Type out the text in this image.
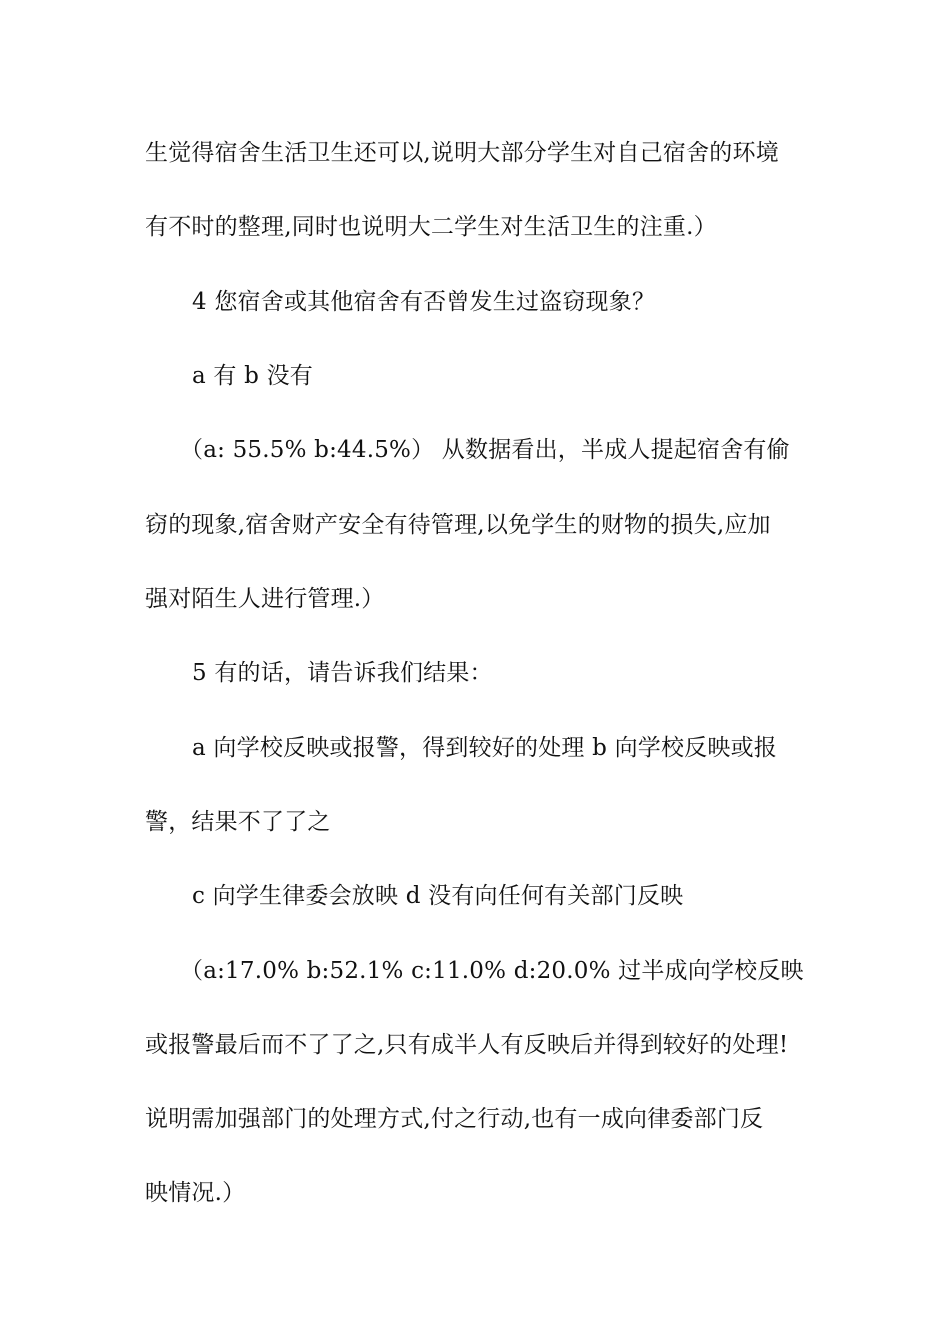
生觉得宿舍生活卫生还可以,说明大部分学生对自己宿舍的环境

有不时的整理,同时也说明大二学生对生活卫生的注重.）

4 您宿舍或其他宿舍有否曾发生过盗窃现象？

a 有 b 没有

（a: 55.5% b:44.5%） 从数据看出，半成人提起宿舍有偷

窃的现象,宿舍财产安全有待管理,以免学生的财物的损失,应加

强对陌生人进行管理.）

5 有的话，请告诉我们结果：

a 向学校反映或报警，得到较好的处理 b 向学校反映或报

警，结果不了了之

c 向学生律委会放映 d 没有向任何有关部门反映

（a:17.0% b:52.1% c:11.0% d:20.0% 过半成向学校反映

或报警最后而不了了之,只有成半人有反映后并得到较好的处理!

说明需加强部门的处理方式,付之行动,也有一成向律委部门反

映情况.）
